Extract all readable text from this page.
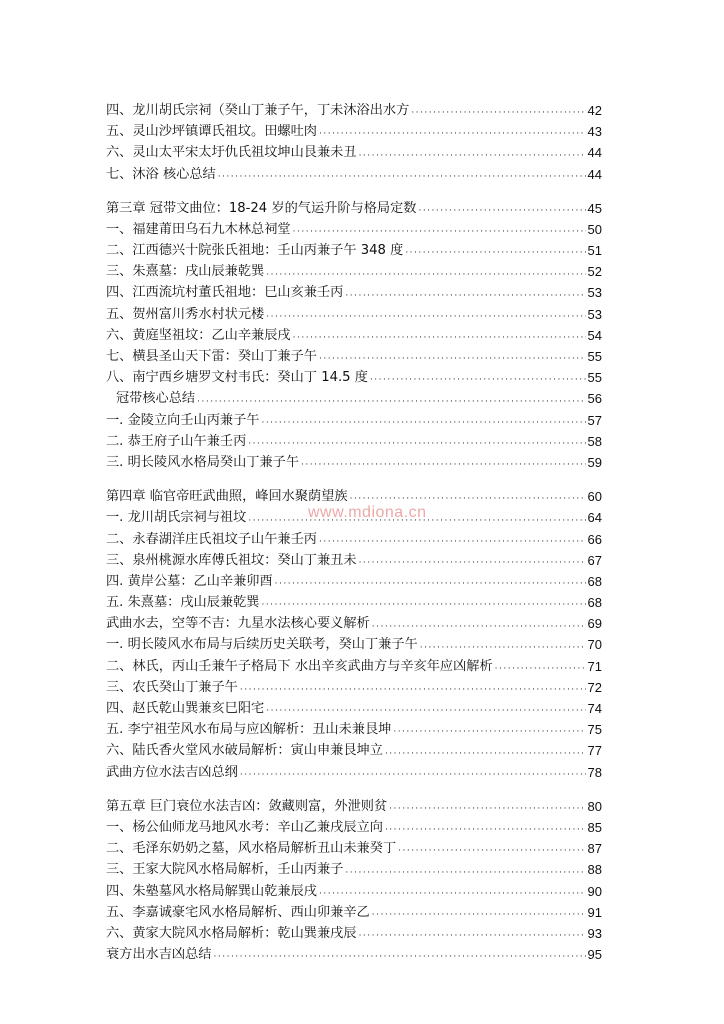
四、龙川胡氏宗祠（癸山丁兼子午，丁未沐浴出水方 ·····	42
五、灵山沙坪镇谭氏祖坟。田螺吐肉 ·····	43
六、灵山太平宋太圩仇氏祖坟坤山艮兼未丑 ·····	44
七、沐浴 核心总结 ·····	44
第三章 冠带文曲位：18-24 岁的气运升阶与格局定数 ·····	45
一、福建莆田乌石九木林总祠堂 ·····	50
二、江西德兴十院张氏祖地：壬山丙兼子午 348 度 ·····	51
三、朱熹墓：戌山辰兼乾巽 ·····	52
四、江西流坑村董氏祖地：巳山亥兼壬丙 ·····	53
五、贺州富川秀水村状元楼 ·····	53
六、黄庭坚祖坟：乙山辛兼辰戌 ·····	54
七、横县圣山天下雷：癸山丁兼子午 ·····	55
八、南宁西乡塘罗文村韦氏：癸山丁 14.5 度 ·····	55
冠带核心总结 ·····	56
一. 金陵立向壬山丙兼子午 ·····	57
二. 恭王府子山午兼壬丙 ·····	58
三. 明长陵风水格局癸山丁兼子午 ·····	59
第四章 临官帝旺武曲照，峰回水聚荫望族 ·····	60
一. 龙川胡氏宗祠与祖坟 ·····	64
二、永春湖洋庄氏祖坟子山午兼壬丙 ·····	66
三、泉州桃源水库傅氏祖坟：癸山丁兼丑未 ·····	67
四. 黄岸公墓：乙山辛兼卯酉 ·····	68
五. 朱熹墓：戌山辰兼乾巽 ·····	68
武曲水去，空等不吉：九星水法核心要义解析 ·····	69
一. 明长陵风水布局与后续历史关联考，癸山丁兼子午 ·····	70
二、林氏，丙山壬兼午子格局下 水出辛亥武曲方与辛亥年应凶解析 ·····	71
三、农氏癸山丁兼子午 ·····	72
四、赵氏乾山巽兼亥巳阳宅 ·····	74
五. 李宁祖茔风水布局与应凶解析：丑山未兼艮坤 ·····	75
六、陆氏香火堂风水破局解析：寅山申兼艮坤立 ·····	77
武曲方位水法吉凶总纲 ·····	78
第五章 巨门衰位水法吉凶：敛藏则富，外泄则贫 ·····	80
一、杨公仙师龙马地风水考：辛山乙兼戌辰立向 ·····	85
二、毛泽东奶奶之墓，风水格局解析丑山未兼癸丁 ·····	87
三、王家大院风水格局解析，壬山丙兼子 ·····	88
四、朱塾墓风水格局解巽山乾兼辰戌 ·····	90
五、李嘉诚豪宅风水格局解析、西山卯兼辛乙 ·····	91
六、黄家大院风水格局解析：乾山巽兼戌辰 ·····	93
衰方出水吉凶总结 ·····	95
www.mdiona.cn
